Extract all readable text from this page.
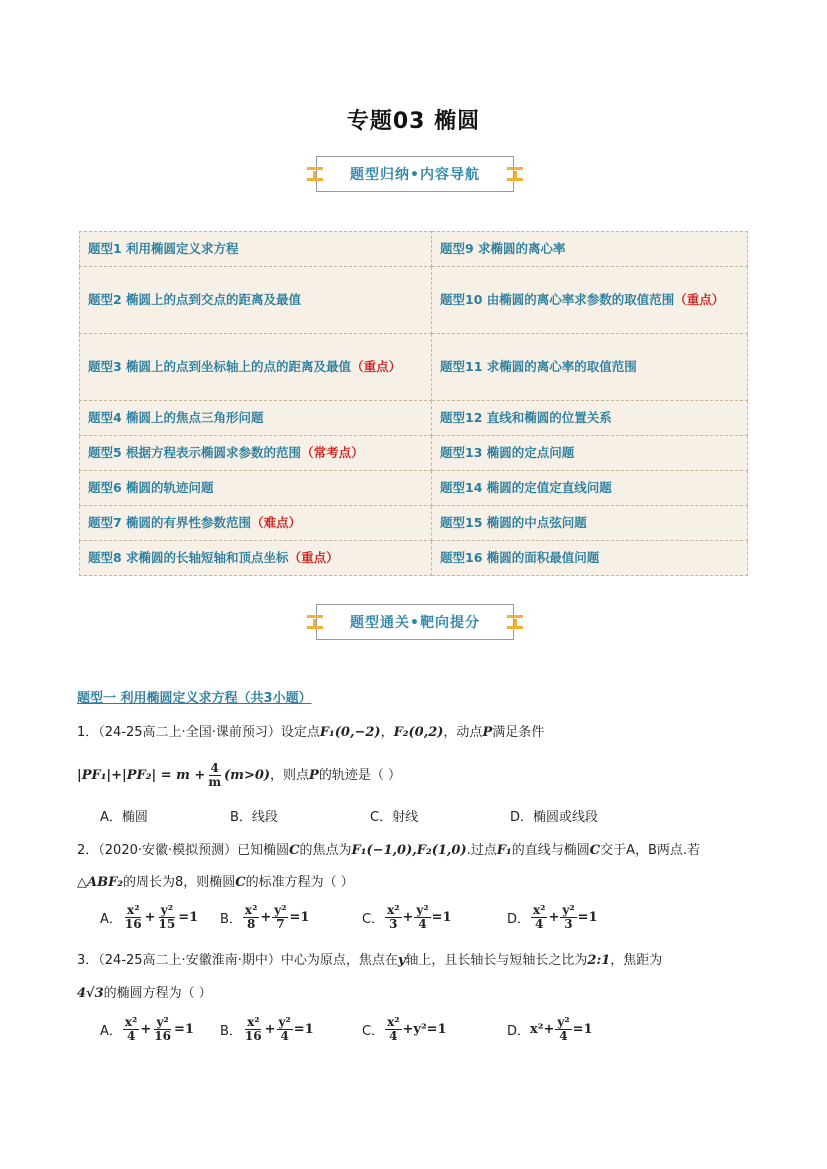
专题03 椭圆
题型归纳•内容导航
题型1 利用椭圆定义求方程	题型9 求椭圆的离心率
题型2 椭圆上的点到交点的距离及最值	题型10 由椭圆的离心率求参数的取值范围（重点）
题型3 椭圆上的点到坐标轴上的点的距离及最值（重点）	题型11 求椭圆的离心率的取值范围
题型4 椭圆上的焦点三角形问题	题型12 直线和椭圆的位置关系
题型5 根据方程表示椭圆求参数的范围（常考点）	题型13 椭圆的定点问题
题型6 椭圆的轨迹问题	题型14 椭圆的定值定直线问题
题型7 椭圆的有界性参数范围（难点）	题型15 椭圆的中点弦问题
题型8 求椭圆的长轴短轴和顶点坐标（重点）	题型16 椭圆的面积最值问题
题型通关•靶向提分
题型一 利用椭圆定义求方程（共3小题）
1．（24-25高二上·全国·课前预习）设定点F₁(0,−2)，F₂(0,2)，动点P满足条件
$|PF_1|+|PF_2| = m + \frac{4}{m} (m>0)$ ，则点 P 的轨迹是（ ）
A．椭圆	B．线段	C．射线	D．椭圆或线段
2．（2020·安徽·模拟预测）已知椭圆C的焦点为F₁(−1,0),F₂(1,0).过点F₁的直线与椭圆C交于A，B两点.若
△ABF₂的周长为8，则椭圆C的标准方程为（ ）
A． $\frac{\text{x²}}{16} + \frac{\text{y²}}{15} =1$ B． $\frac{\text{x²}}{8} + \frac{\text{y²}}{7} =1$	C． $\frac{\text{x²}}{3} + \frac{\text{y²}}{4} =1$	D． $\frac{\text{x²}}{4} + \frac{\text{y²}}{3} =1$
3．（24-25高二上·安徽淮南·期中）中心为原点，焦点在y轴上，且长轴长与短轴长之比为2:1，焦距为
4√3的椭圆方程为（ ）
A． $\frac{\text{x²}}{4} + \frac{\text{y²}}{16} =1$ B． $\frac{\text{x²}}{16} + \frac{\text{y²}}{4} =1$	C． $\frac{\text{x²}}{4} +y^2=1$	D． $x^2+ \frac{\text{y²}}{4} =1$
